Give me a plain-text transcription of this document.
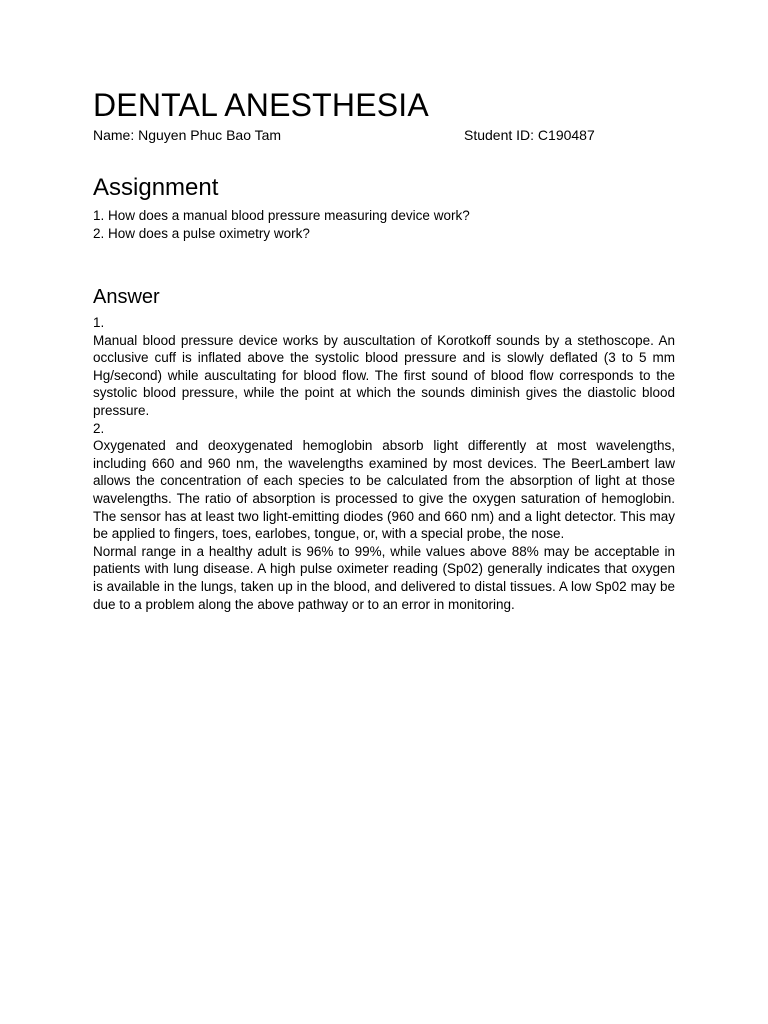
DENTAL ANESTHESIA
Name: Nguyen Phuc Bao Tam	Student ID: C190487
Assignment
1. How does a manual blood pressure measuring device work?
2. How does a pulse oximetry work?
Answer

1.

Manual blood pressure device works by auscultation of Korotkoff sounds by a stethoscope. An occlusive cuff is inflated above the systolic blood pressure and is slowly deflated (3 to 5 mm Hg/second) while auscultating for blood flow. The first sound of blood flow corresponds to the systolic blood pressure, while the point at which the sounds diminish gives the diastolic blood pressure.

2.

Oxygenated and deoxygenated hemoglobin absorb light differently at most wavelengths, including 660 and 960 nm, the wavelengths examined by most devices. The BeerLambert law allows the concentration of each species to be calculated from the absorption of light at those wavelengths. The ratio of absorption is processed to give the oxygen saturation of hemoglobin. The sensor has at least two light-emitting diodes (960 and 660 nm) and a light detector. This may be applied to fingers, toes, earlobes, tongue, or, with a special probe, the nose.

Normal range in a healthy adult is 96% to 99%, while values above 88% may be acceptable in patients with lung disease. A high pulse oximeter reading (Sp02) generally indicates that oxygen is available in the lungs, taken up in the blood, and delivered to distal tissues. A low Sp02 may be due to a problem along the above pathway or to an error in monitoring.
